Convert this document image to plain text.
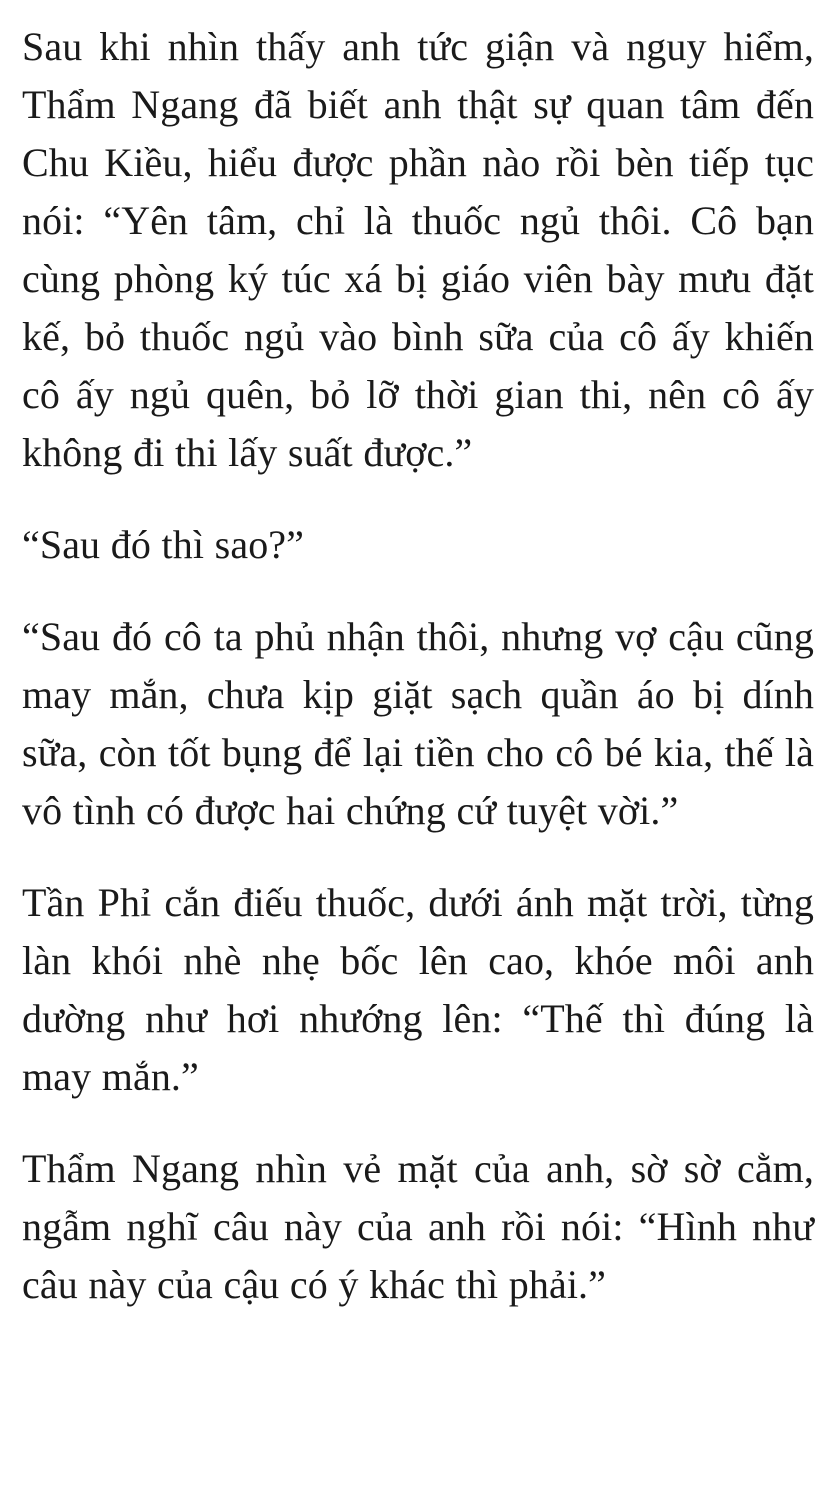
Sau khi nhìn thấy anh tức giận và nguy hiểm, Thẩm Ngang đã biết anh thật sự quan tâm đến Chu Kiều, hiểu được phần nào rồi bèn tiếp tục nói: “Yên tâm, chỉ là thuốc ngủ thôi. Cô bạn cùng phòng ký túc xá bị giáo viên bày mưu đặt kế, bỏ thuốc ngủ vào bình sữa của cô ấy khiến cô ấy ngủ quên, bỏ lỡ thời gian thi, nên cô ấy không đi thi lấy suất được.”

“Sau đó thì sao?”

“Sau đó cô ta phủ nhận thôi, nhưng vợ cậu cũng may mắn, chưa kịp giặt sạch quần áo bị dính sữa, còn tốt bụng để lại tiền cho cô bé kia, thế là vô tình có được hai chứng cứ tuyệt vời.”

Tần Phỉ cắn điếu thuốc, dưới ánh mặt trời, từng làn khói nhè nhẹ bốc lên cao, khóe môi anh dường như hơi nhướng lên: “Thế thì đúng là may mắn.”

Thẩm Ngang nhìn vẻ mặt của anh, sờ sờ cằm, ngẫm nghĩ câu này của anh rồi nói: “Hình như câu này của cậu có ý khác thì phải.”
